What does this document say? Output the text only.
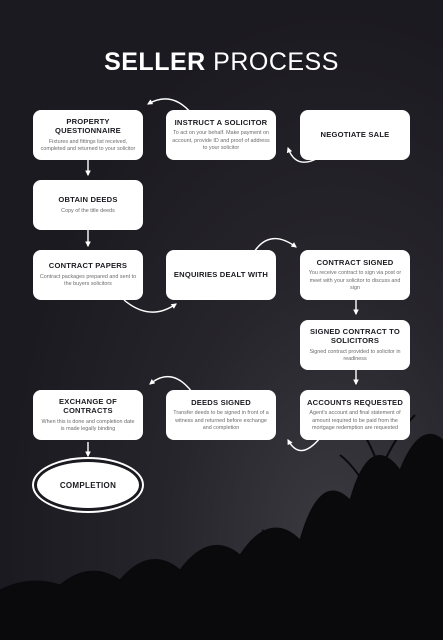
SELLER PROCESS
PROPERTY QUESTIONNAIRE
Fixtures and fittings list received, completed and returned to your solicitor
INSTRUCT A SOLICITOR
To act on your behalf. Make payment on account, provide ID and proof of address to your solicitor
NEGOTIATE SALE
OBTAIN DEEDS
Copy of the title deeds
CONTRACT PAPERS
Contract packages prepared and sent to the buyers solicitors
ENQUIRIES DEALT WITH
CONTRACT SIGNED
You receive contract to sign via post or meet with your solicitor to discuss and sign
SIGNED CONTRACT TO SOLICITORS
Signed contract provided to solicitor in readiness
ACCOUNTS REQUESTED
Agent's account and final statement of amount required to be paid from the mortgage redemption are requested
DEEDS SIGNED
Transfer deeds to be signed in front of a witness and returned before exchange and completion
EXCHANGE OF CONTRACTS
When this is done and completion date is made legally binding
COMPLETION
